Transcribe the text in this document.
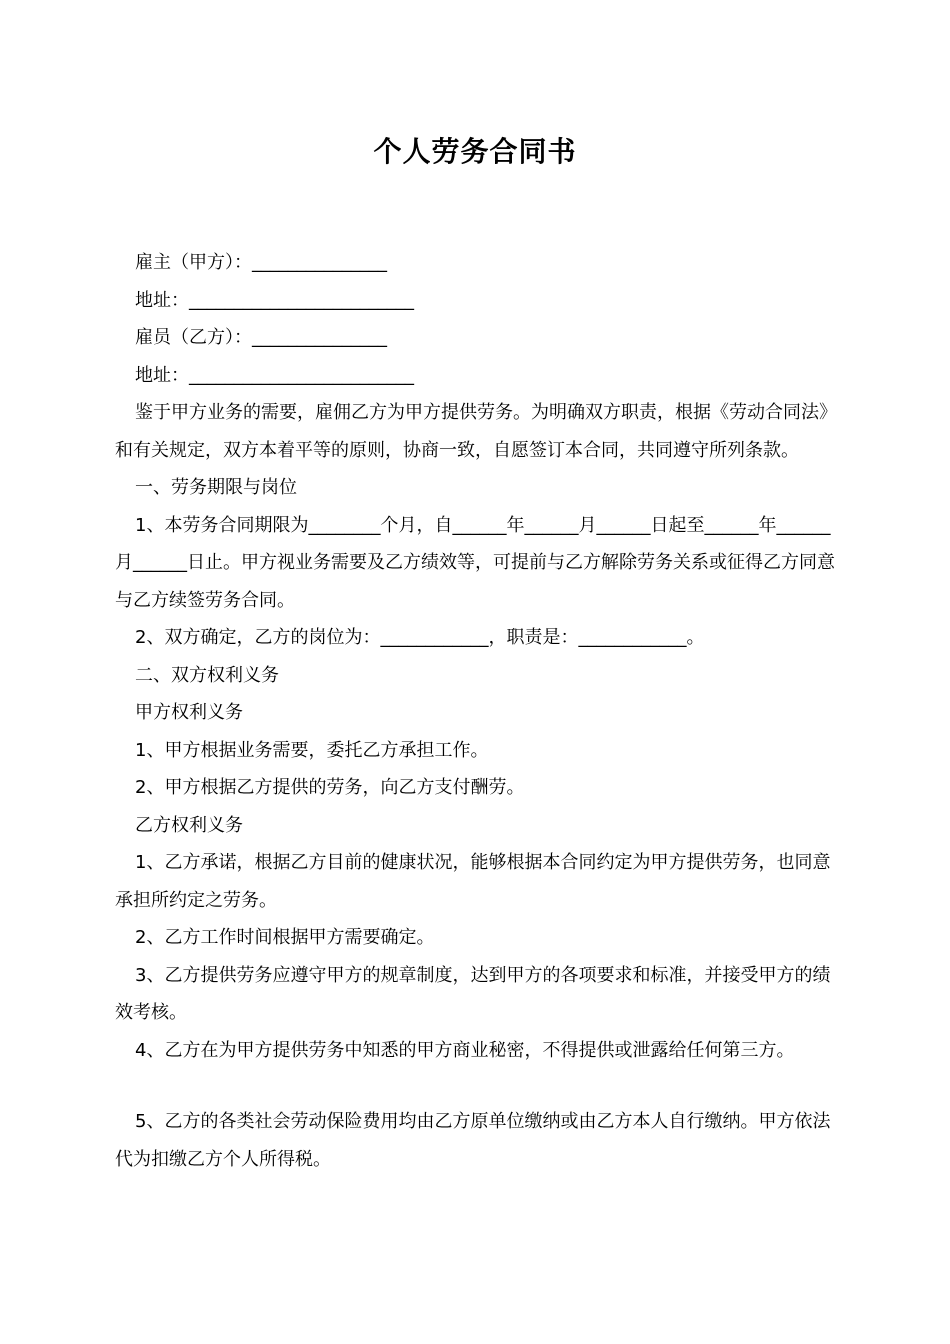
个人劳务合同书

雇主（甲方）：_______________

地址：_________________________

雇员（乙方）：_______________

地址：_________________________

鉴于甲方业务的需要，雇佣乙方为甲方提供劳务。为明确双方职责，根据《劳动合同法》和有关规定，双方本着平等的原则，协商一致，自愿签订本合同，共同遵守所列条款。

一、劳务期限与岗位

1、本劳务合同期限为________个月，自______年______月______日起至______年______月______日止。甲方视业务需要及乙方绩效等，可提前与乙方解除劳务关系或征得乙方同意与乙方续签劳务合同。

2、双方确定，乙方的岗位为：____________，职责是：____________。

二、双方权利义务

甲方权利义务

1、甲方根据业务需要，委托乙方承担工作。

2、甲方根据乙方提供的劳务，向乙方支付酬劳。

乙方权利义务

1、乙方承诺，根据乙方目前的健康状况，能够根据本合同约定为甲方提供劳务，也同意承担所约定之劳务。

2、乙方工作时间根据甲方需要确定。

3、乙方提供劳务应遵守甲方的规章制度，达到甲方的各项要求和标准，并接受甲方的绩效考核。

4、乙方在为甲方提供劳务中知悉的甲方商业秘密，不得提供或泄露给任何第三方。

5、乙方的各类社会劳动保险费用均由乙方原单位缴纳或由乙方本人自行缴纳。甲方依法代为扣缴乙方个人所得税。
